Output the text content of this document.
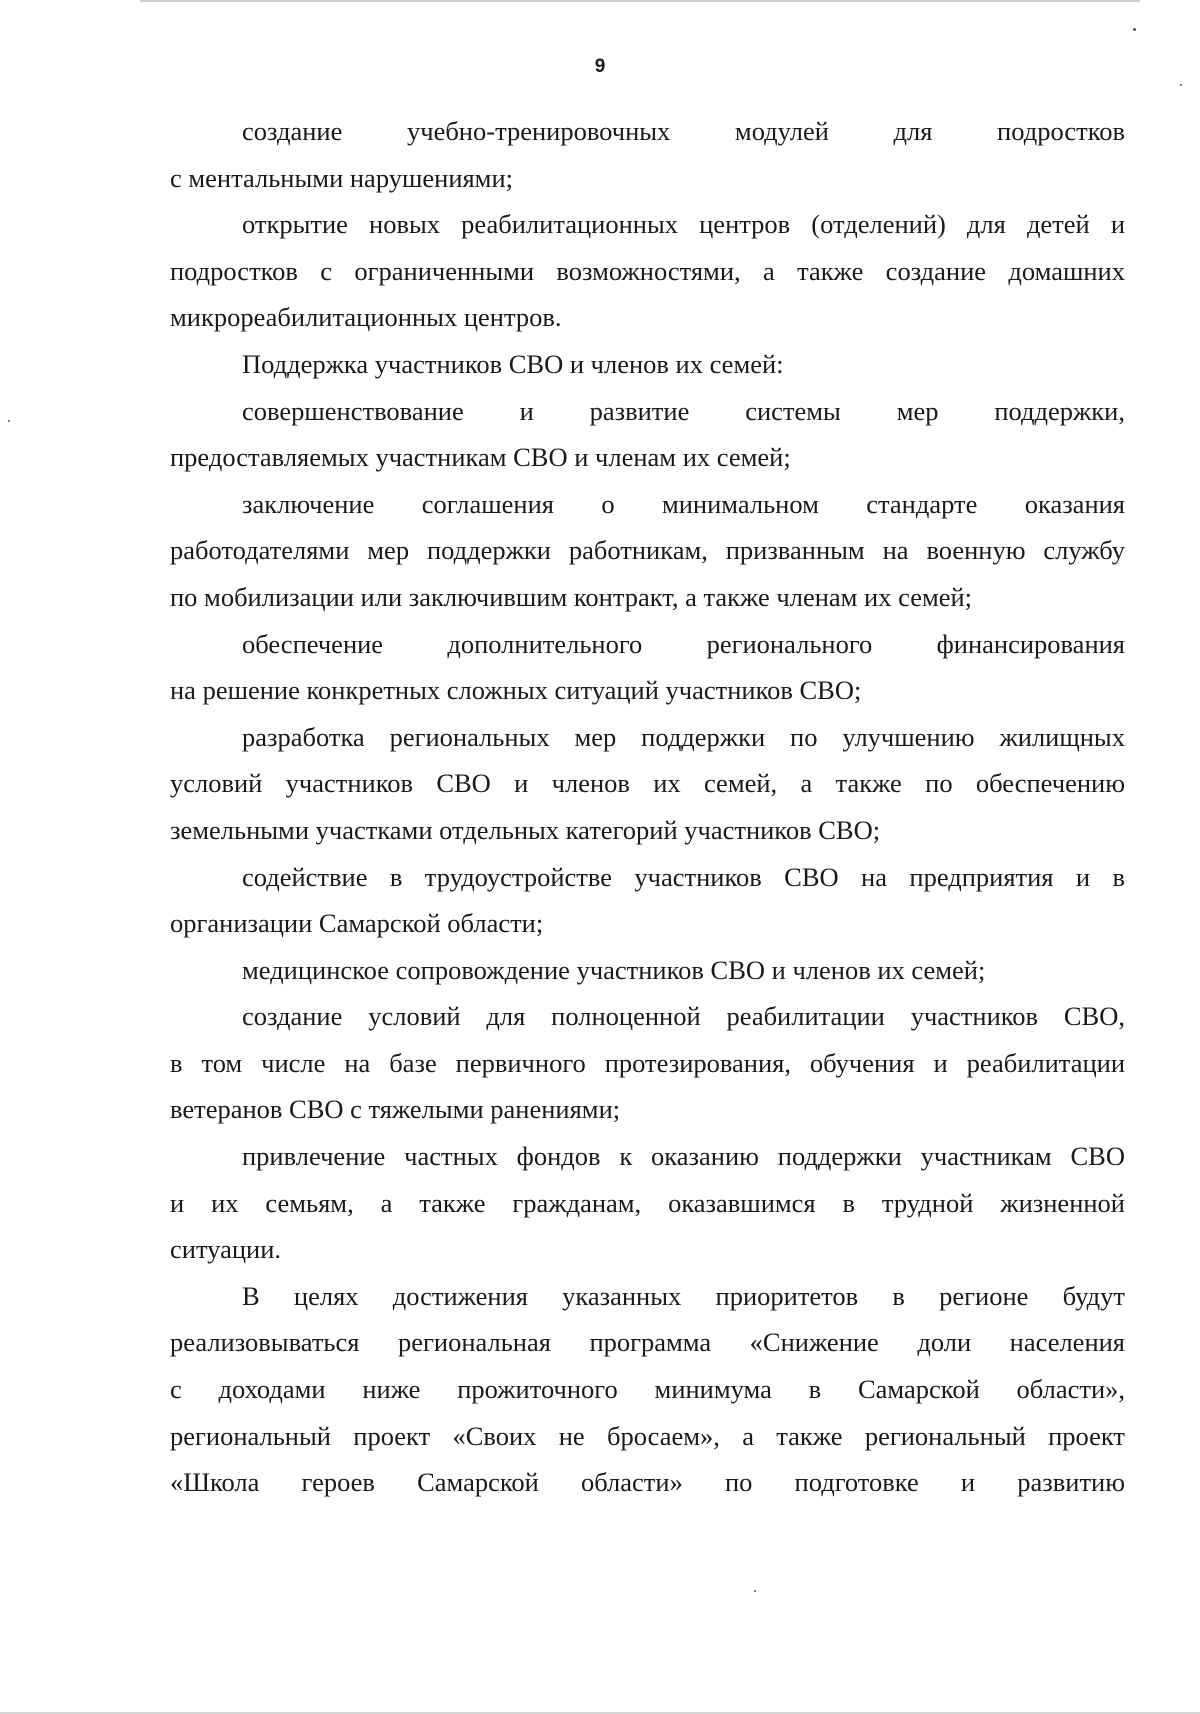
9
создание учебно-тренировочных модулей для подростков
с ментальными нарушениями;
открытие новых реабилитационных центров (отделений) для детей и
подростков с ограниченными возможностями, а также создание домашних
микрореабилитационных центров.
Поддержка участников СВО и членов их семей:
совершенствование и развитие системы мер поддержки,
предоставляемых участникам СВО и членам их семей;
заключение соглашения о минимальном стандарте оказания
работодателями мер поддержки работникам, призванным на военную службу
по мобилизации или заключившим контракт, а также членам их семей;
обеспечение дополнительного регионального финансирования
на решение конкретных сложных ситуаций участников СВО;
разработка региональных мер поддержки по улучшению жилищных
условий участников СВО и членов их семей, а также по обеспечению
земельными участками отдельных категорий участников СВО;
содействие в трудоустройстве участников СВО на предприятия и в
организации Самарской области;
медицинское сопровождение участников СВО и членов их семей;
создание условий для полноценной реабилитации участников СВО,
в том числе на базе первичного протезирования, обучения и реабилитации
ветеранов СВО с тяжелыми ранениями;
привлечение частных фондов к оказанию поддержки участникам СВО
и их семьям, а также гражданам, оказавшимся в трудной жизненной
ситуации.
В целях достижения указанных приоритетов в регионе будут
реализовываться региональная программа «Снижение доли населения
с доходами ниже прожиточного минимума в Самарской области»,
региональный проект «Своих не бросаем», а также региональный проект
«Школа героев Самарской области» по подготовке и развитию
